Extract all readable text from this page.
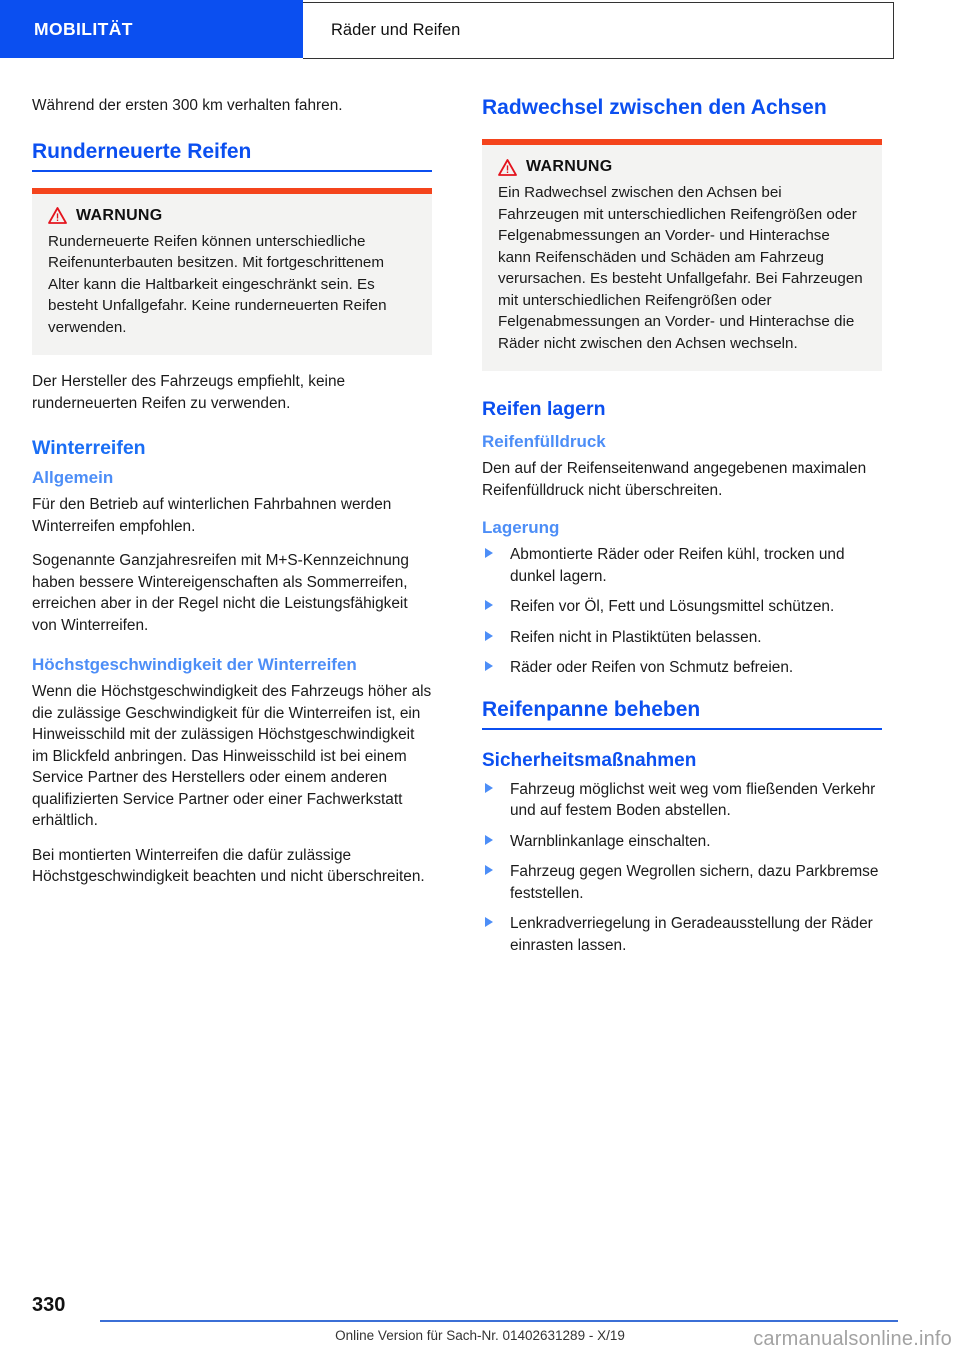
MOBILITÄT	Räder und Reifen

Während der ersten 300 km verhalten fahren.

Runderneuerte Reifen
WARNUNG

Runderneuerte Reifen können unterschiedliche Reifenunterbauten besitzen. Mit fortgeschrittenem Alter kann die Haltbarkeit eingeschränkt sein. Es besteht Unfallgefahr. Keine runderneuerten Reifen verwenden.

Der Hersteller des Fahrzeugs empfiehlt, keine runderneuerten Reifen zu verwenden.

Winterreifen
Allgemein

Für den Betrieb auf winterlichen Fahrbahnen werden Winterreifen empfohlen.

Sogenannte Ganzjahresreifen mit M+S-Kennzeichnung haben bessere Wintereigenschaften als Sommerreifen, erreichen aber in der Regel nicht die Leistungsfähigkeit von Winterreifen.

Höchstgeschwindigkeit der Winterreifen

Wenn die Höchstgeschwindigkeit des Fahrzeugs höher als die zulässige Geschwindigkeit für die Winterreifen ist, ein Hinweisschild mit der zulässigen Höchstgeschwindigkeit im Blickfeld anbringen. Das Hinweisschild ist bei einem Service Partner des Herstellers oder einem anderen qualifizierten Service Partner oder einer Fachwerkstatt erhältlich.

Bei montierten Winterreifen die dafür zulässige Höchstgeschwindigkeit beachten und nicht überschreiten.

Radwechsel zwischen den Achsen
WARNUNG

Ein Radwechsel zwischen den Achsen bei Fahrzeugen mit unterschiedlichen Reifengrößen oder Felgenabmessungen an Vorder- und Hinterachse kann Reifenschäden und Schäden am Fahrzeug verursachen. Es besteht Unfallgefahr. Bei Fahrzeugen mit unterschiedlichen Reifengrößen oder Felgenabmessungen an Vorder- und Hinterachse die Räder nicht zwischen den Achsen wechseln.

Reifen lagern
Reifenfülldruck

Den auf der Reifenseitenwand angegebenen maximalen Reifenfülldruck nicht überschreiten.

Lagerung
Abmontierte Räder oder Reifen kühl, trocken und dunkel lagern.
Reifen vor Öl, Fett und Lösungsmittel schützen.
Reifen nicht in Plastiktüten belassen.
Räder oder Reifen von Schmutz befreien.
Reifenpanne beheben
Sicherheitsmaßnahmen
Fahrzeug möglichst weit weg vom fließenden Verkehr und auf festem Boden abstellen.
Warnblinkanlage einschalten.
Fahrzeug gegen Wegrollen sichern, dazu Parkbremse feststellen.
Lenkradverriegelung in Geradeausstellung der Räder einrasten lassen.
330
Online Version für Sach-Nr. 01402631289 - X/19	carmanualsonline.info
